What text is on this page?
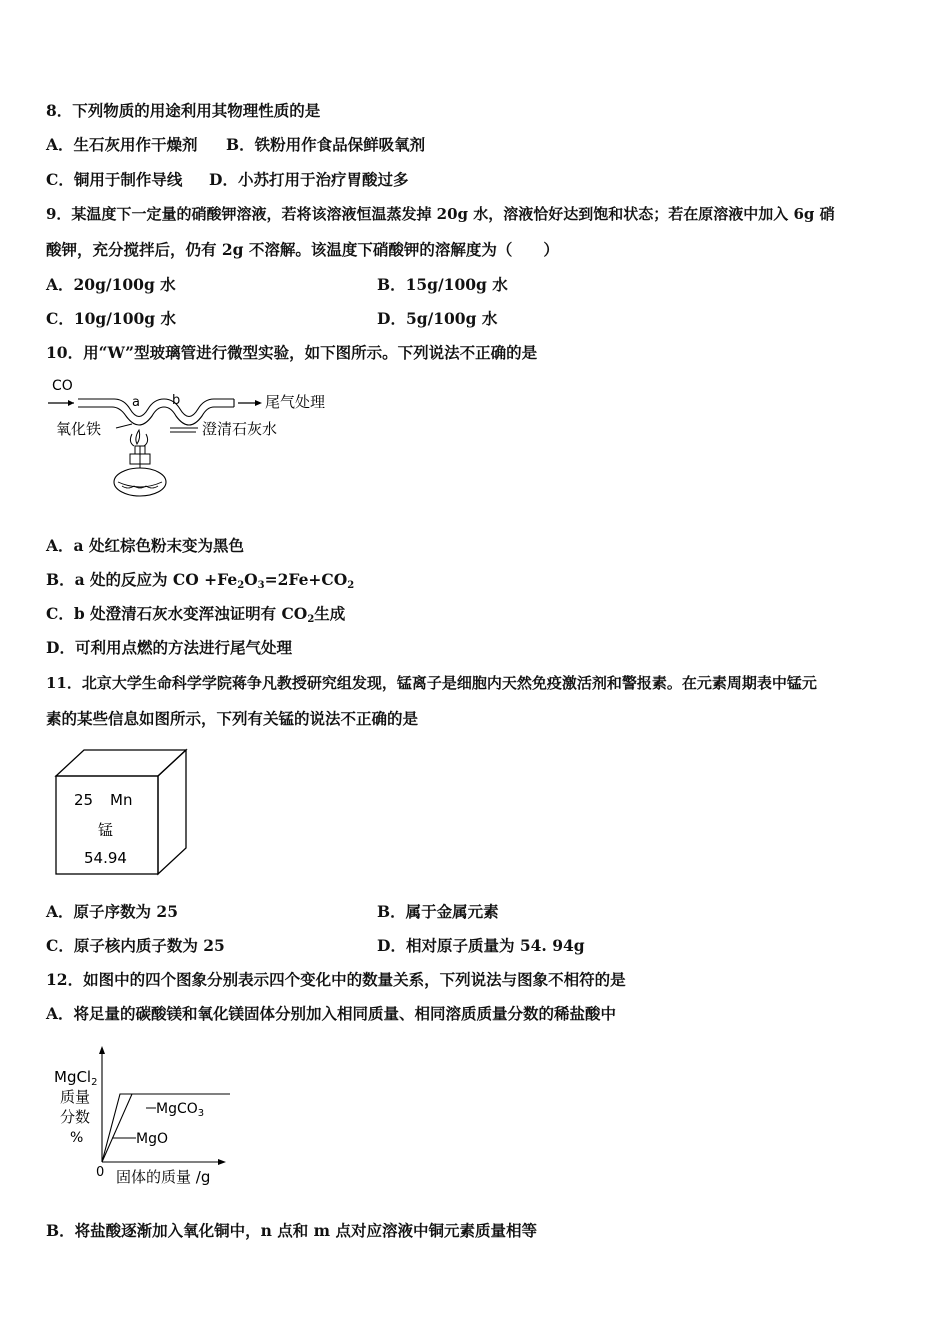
8．下列物质的用途利用其物理性质的是
A．生石灰用作干燥剂 B．铁粉用作食品保鲜吸氧剂
C．铜用于制作导线 D．小苏打用于治疗胃酸过多
9．某温度下一定量的硝酸钾溶液，若将该溶液恒温蒸发掉 20g 水，溶液恰好达到饱和状态；若在原溶液中加入 6g 硝
酸钾，充分搅拌后，仍有 2g 不溶解。该温度下硝酸钾的溶解度为（　　）
A．20g/100g 水	B．15g/100g 水
C．10g/100g 水	D．5g/100g 水
10．用“W”型玻璃管进行微型实验，如下图所示。下列说法不正确的是
CO
a b	尾气处理
氧化铁	澄清石灰水
A．a 处红棕色粉末变为黑色
B．a 处的反应为 CO $+Fe_2O_3=2Fe+CO_2$
C．b 处澄清石灰水变浑浊证明有 $CO_2$生成
D．可利用点燃的方法进行尾气处理
11．北京大学生命科学学院蒋争凡教授研究组发现，锰离子是细胞内天然免疫激活剂和警报素。在元素周期表中锰元
素的某些信息如图所示，下列有关锰的说法不正确的是
25 Mn
锰
54.94
A．原子序数为 25	B．属于金属元素
C．原子核内质子数为 25	D．相对原子质量为 54. 94g
12．如图中的四个图象分别表示四个变化中的数量关系，下列说法与图象不相符的是
A．将足量的碳酸镁和氧化镁固体分别加入相同质量、相同溶质质量分数的稀盐酸中
MgCl$_2$
质量
分数
%
0 固体的质量 /g
MgCO$_3$
MgO
B．将盐酸逐渐加入氧化铜中，n 点和 m 点对应溶液中铜元素质量相等
